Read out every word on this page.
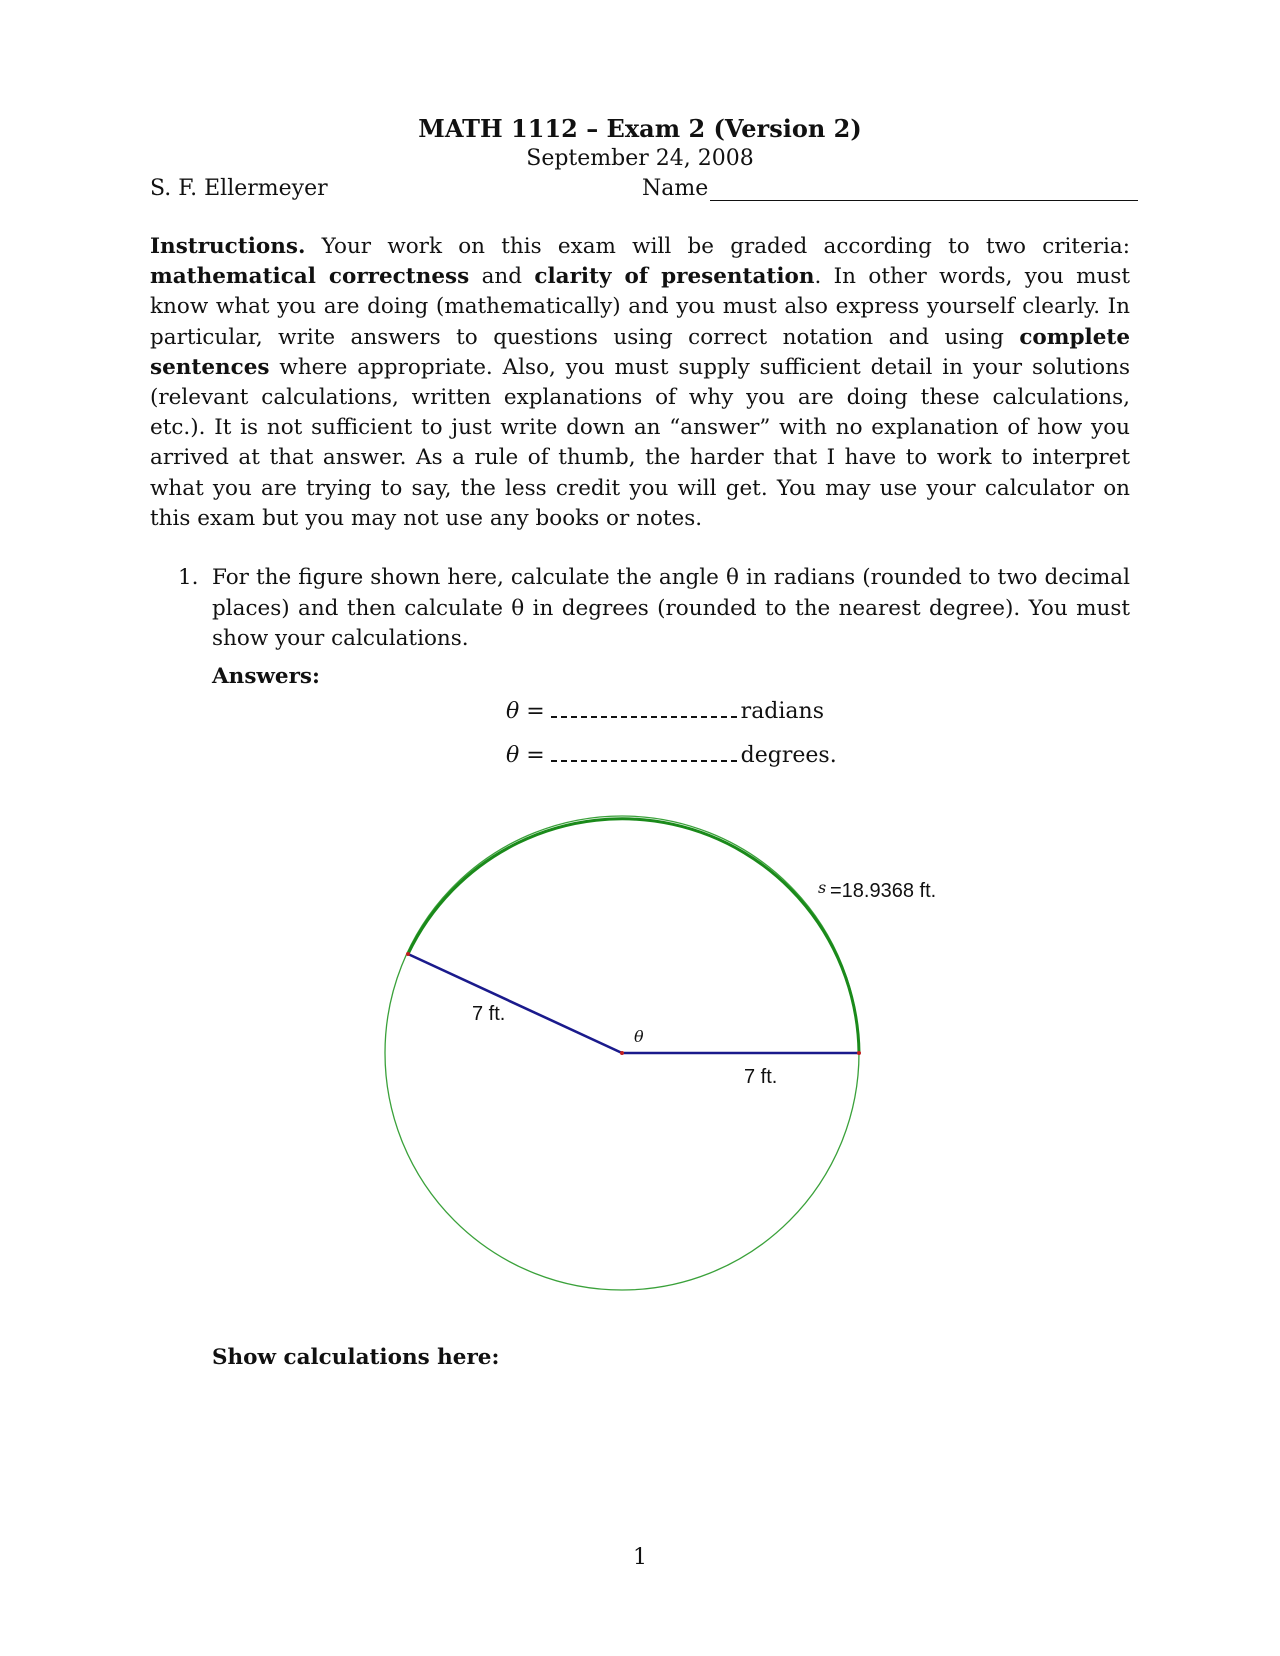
MATH 1112 – Exam 2 (Version 2)
September 24, 2008
S. F. Ellermeyer	Name
Instructions. Your work on this exam will be graded according to two criteria: mathematical correctness and clarity of presentation. In other words, you must know what you are doing (mathematically) and you must also express yourself clearly. In particular, write answers to questions using correct notation and using complete sentences where appropriate. Also, you must supply sufficient detail in your solutions (relevant calculations, written explanations of why you are doing these calculations, etc.). It is not sufficient to just write down an “answer” with no explanation of how you arrived at that answer. As a rule of thumb, the harder that I have to work to interpret what you are trying to say, the less credit you will get. You may use your calculator on this exam but you may not use any books or notes.
1. For the figure shown here, calculate the angle θ in radians (rounded to two decimal places) and then calculate θ in degrees (rounded to the nearest degree). You must show your calculations.
Answers:
θ =	radians
θ =	degrees.
s =18.9368 ft.
7 ft.
θ
7 ft.
Show calculations here:
1
